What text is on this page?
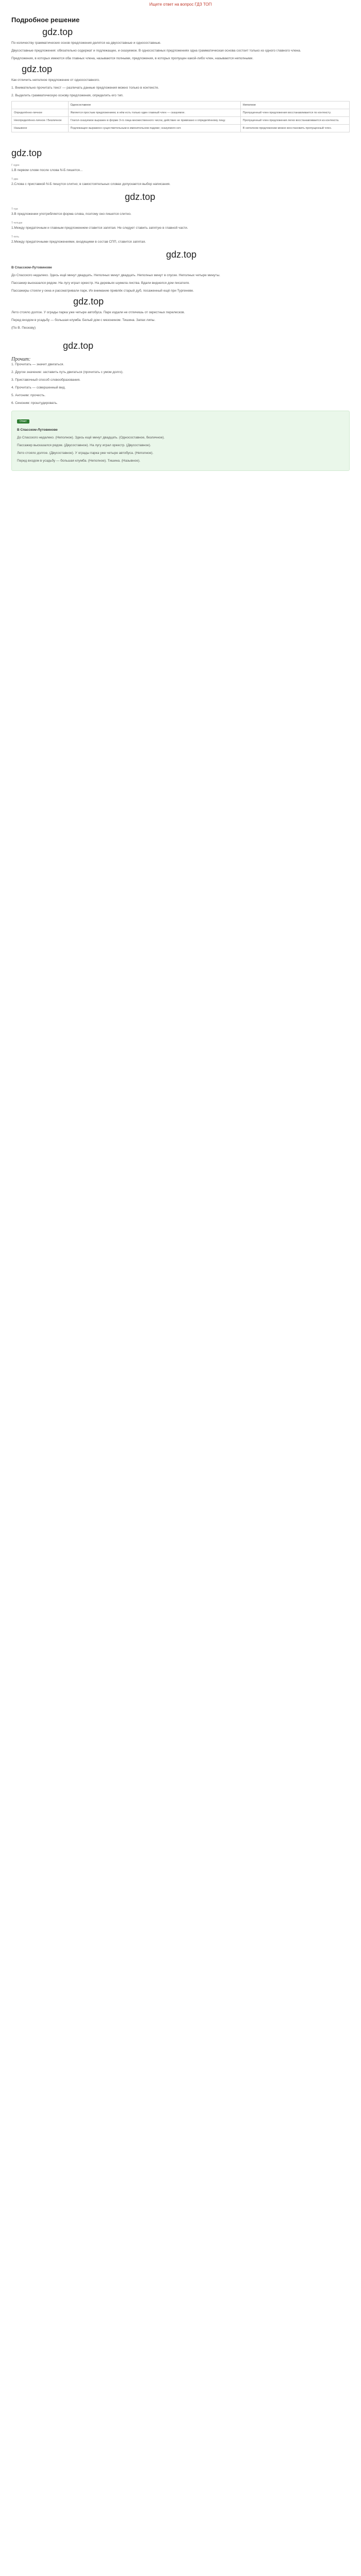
Ищете ответ на вопрос ГДЗ ТОП
Подробное решение
gdz.top

По количеству грамматических основ предложения делятся на двусоставные и односоставные.

Двусоставные предложения: обязательно содержат и подлежащее, и сказуемое. В односоставных предложениях одна грамматическая основа состоит только из одного главного члена.

Предложения, в которых имеются оба главных члена, называются полными, предложения, в которых пропущен какой-либо член, называются неполными.

gdz.top

Как отличить неполное предложение от односоставного.

1. Внимательно прочитать текст — различать данные предложения можно только в контексте.

2. Выделить грамматическую основу предложения, определить его тип.

	Односоставное	Неполное
Определённо-личное	Является простым предложением; в нём есть только один главный член — сказуемое.	Пропущенный член предложения восстанавливается по контексту.
Неопределённо-личное / Безличное	Глагол-сказуемое выражен в форме 3-го лица множественного числа; действие не привязано к определённому лицу.	Пропущенный член предложения легко восстанавливается из контекста.
Назывное	Подлежащее выражено существительным в именительном падеже; сказуемого нет.	В неполном предложении можно восстановить пропущенный член.
gdz.top
Г-один

1.В первом слове после слова N-Б пишется...

Т-два

2.Слова с приставкой N-Б пишутся слитно; в самостоятельных словах допускается выбор написания.

gdz.top
Т-три

3.В предложении употребляется форма слова, поэтому оно пишется слитно.

Т-четыре

1.Между придаточным и главным предложением ставится запятая. Не следует ставить запятую в главной части.

Т-пять

2.Между придаточными предложениями, входящими в состав СПП, ставится запятая.

gdz.top

В Спасском-Лутовинове

До Спасского недалеко. Здесь ещё минут двадцать. Неполных минут двадцать. Неполных минут в спуске. Неполных четыре минуты.

Пассажир высказался рядом. На лугу играл оркестр. На деревьях шумела листва. Вдали виднелся дом писателя.

Пассажиры стояли у окна и рассматривали парк. Их внимание привлёк старый дуб, посаженный ещё при Тургеневе.

gdz.top

Лето стояло долгое. У ограды парка уже четыре автобуса. Парк издали не отличишь от окрестных перелесков.

Перед входом в усадьбу — большая клумба. Белый дом с мезонином. Тишина. Запах липы.

(По В. Пескову)

gdz.top
Прочит:

1. Прочитать — значит двигаться.

2. Другое значение: заставить путь двигаться (прочитать с умом долго).

3. Приставочный способ словообразования.

4. Прочитать — совершенный вид.

5. Антоним: прочесть.

6. Синоним: проштудировать.

Ответ

В Спасском-Лутовинове

До Спасского недалеко. (Неполное). Здесь ещё минут двадцать. (Односоставное, безличное).

Пассажир высказался рядом. (Двусоставное). На лугу играл оркестр. (Двусоставное).

Лето стояло долгое. (Двусоставное). У ограды парка уже четыре автобуса. (Неполное).

Перед входом в усадьбу — большая клумба. (Неполное). Тишина. (Назывное).
